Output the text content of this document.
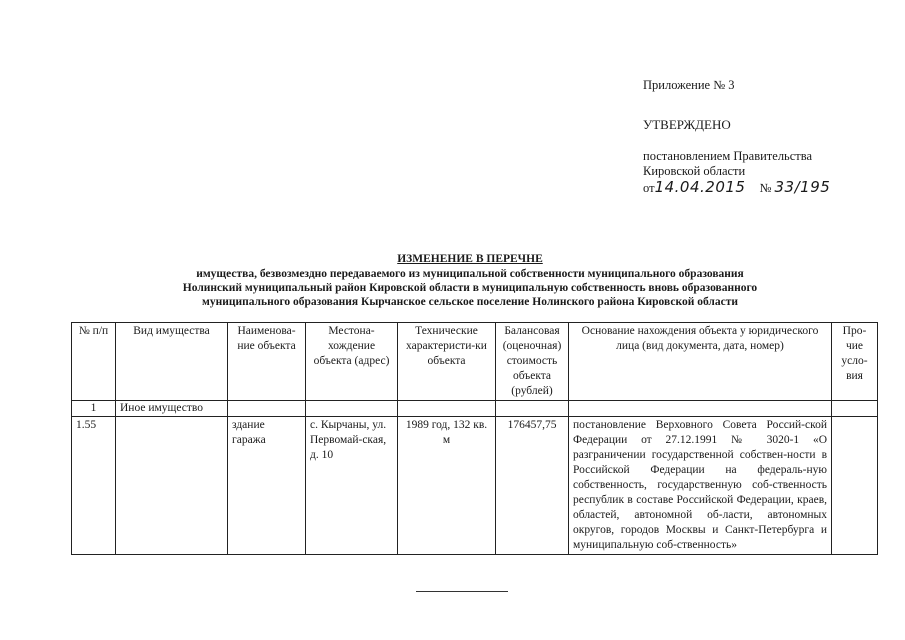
Приложение № 3
УТВЕРЖДЕНО
постановлением Правительства
Кировской области
от14.04.2015 № 33/195
ИЗМЕНЕНИЕ В ПЕРЕЧНЕ
имущества, безвозмездно передаваемого из муниципальной собственности муниципального образования
Нолинский муниципальный район Кировской области в муниципальную собственность вновь образованного
муниципального образования Кырчанское сельское поселение Нолинского района Кировской области
№ п/п	Вид имущества	Наименова-ние объекта	Местона-хождение объекта (адрес)	Технические характеристи-ки объекта	Балансовая (оценочная) стоимость объекта (рублей)	Основание нахождения объекта у юридического лица (вид документа, дата, номер)	Про-чие усло-вия
1	Иное имущество						
1.55		здание гаража	с. Кырчаны, ул. Первомай-ская, д. 10	1989 год, 132 кв. м	176457,75	постановление Верховного Совета Россий-ской Федерации от 27.12.1991 № 3020-1 «О разграничении государственной собствен-ности в Российской Федерации на федераль-ную собственность, государственную соб-ственность республик в составе Российской Федерации, краев, областей, автономной об-ласти, автономных округов, городов Москвы и Санкт-Петербурга и муниципальную соб-ственность»	
